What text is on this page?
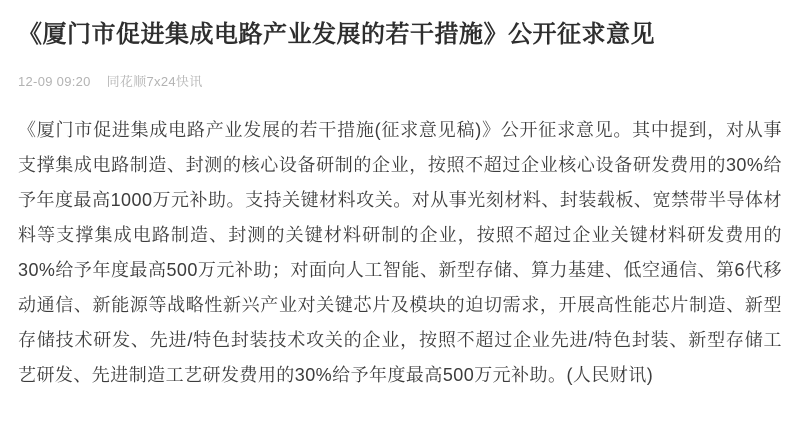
《厦门市促进集成电路产业发展的若干措施》公开征求意见
12-09 09:20 同花顺7x24快讯

《厦门市促进集成电路产业发展的若干措施(征求意见稿)》公开征求意见。其中提到，对从事支撑集成电路制造、封测的核心设备研制的企业，按照不超过企业核心设备研发费用的30%给予年度最高1000万元补助。支持关键材料攻关。对从事光刻材料、封装载板、宽禁带半导体材料等支撑集成电路制造、封测的关键材料研制的企业，按照不超过企业关键材料研发费用的30%给予年度最高500万元补助；对面向人工智能、新型存储、算力基建、低空通信、第6代移动通信、新能源等战略性新兴产业对关键芯片及模块的迫切需求，开展高性能芯片制造、新型存储技术研发、先进/特色封装技术攻关的企业，按照不超过企业先进/特色封装、新型存储工艺研发、先进制造工艺研发费用的30%给予年度最高500万元补助。(人民财讯)
